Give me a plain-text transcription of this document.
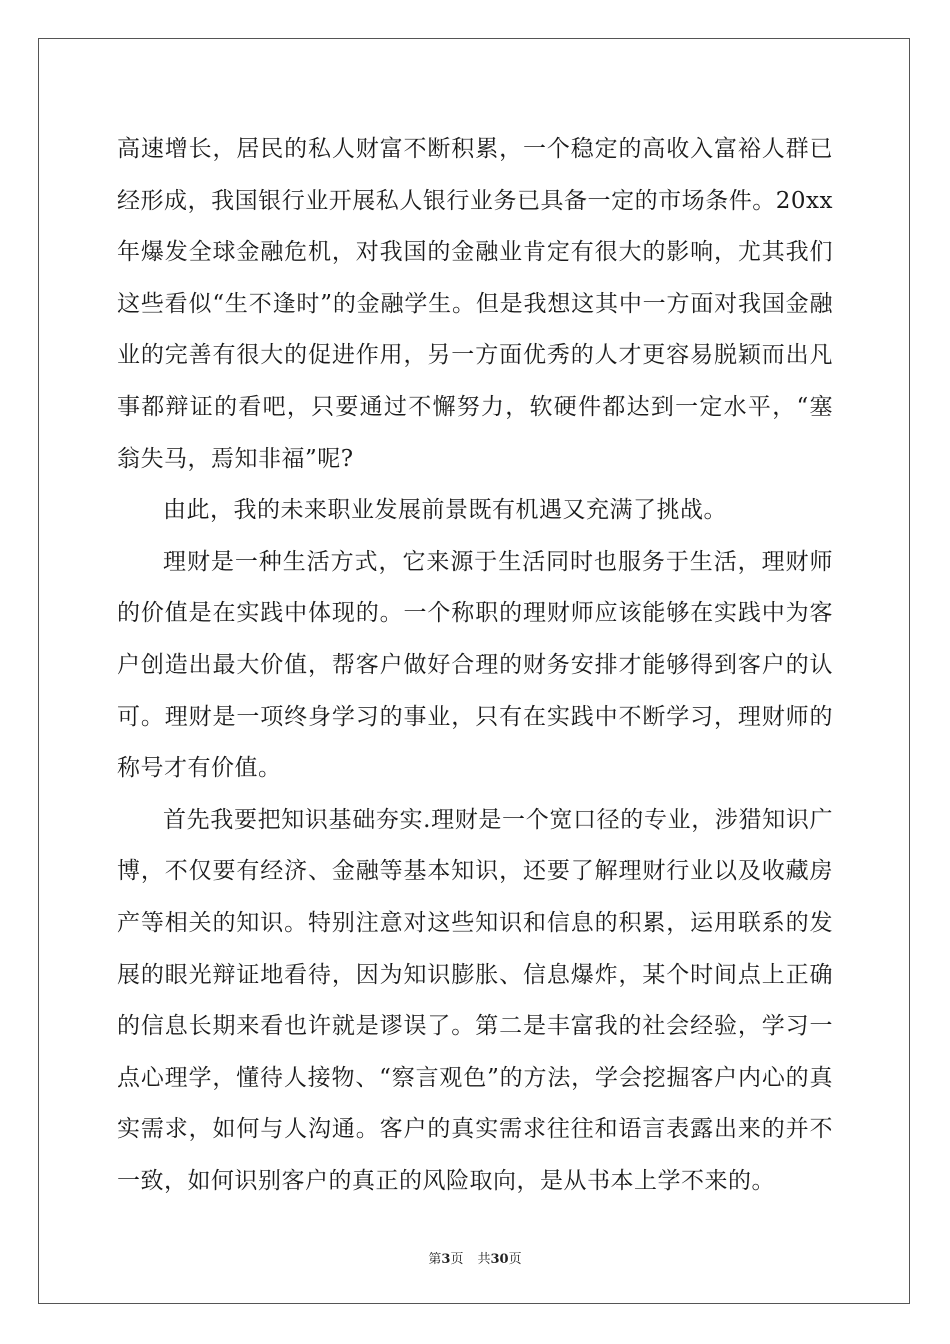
高速增长，居民的私人财富不断积累，一个稳定的高收入富裕人群已经形成，我国银行业开展私人银行业务已具备一定的市场条件。20xx年爆发全球金融危机，对我国的金融业肯定有很大的影响，尤其我们这些看似“生不逢时”的金融学生。但是我想这其中一方面对我国金融业的完善有很大的促进作用，另一方面优秀的人才更容易脱颖而出凡事都辩证的看吧，只要通过不懈努力，软硬件都达到一定水平，“塞翁失马，焉知非福”呢?

由此，我的未来职业发展前景既有机遇又充满了挑战。

理财是一种生活方式，它来源于生活同时也服务于生活，理财师的价值是在实践中体现的。一个称职的理财师应该能够在实践中为客户创造出最大价值，帮客户做好合理的财务安排才能够得到客户的认可。理财是一项终身学习的事业，只有在实践中不断学习，理财师的称号才有价值。

首先我要把知识基础夯实.理财是一个宽口径的专业，涉猎知识广博，不仅要有经济、金融等基本知识，还要了解理财行业以及收藏房产等相关的知识。特别注意对这些知识和信息的积累，运用联系的发展的眼光辩证地看待，因为知识膨胀、信息爆炸，某个时间点上正确的信息长期来看也许就是谬误了。第二是丰富我的社会经验，学习一点心理学，懂待人接物、“察言观色”的方法，学会挖掘客户内心的真实需求，如何与人沟通。客户的真实需求往往和语言表露出来的并不一致，如何识别客户的真正的风险取向，是从书本上学不来的。

第3页 共30页
